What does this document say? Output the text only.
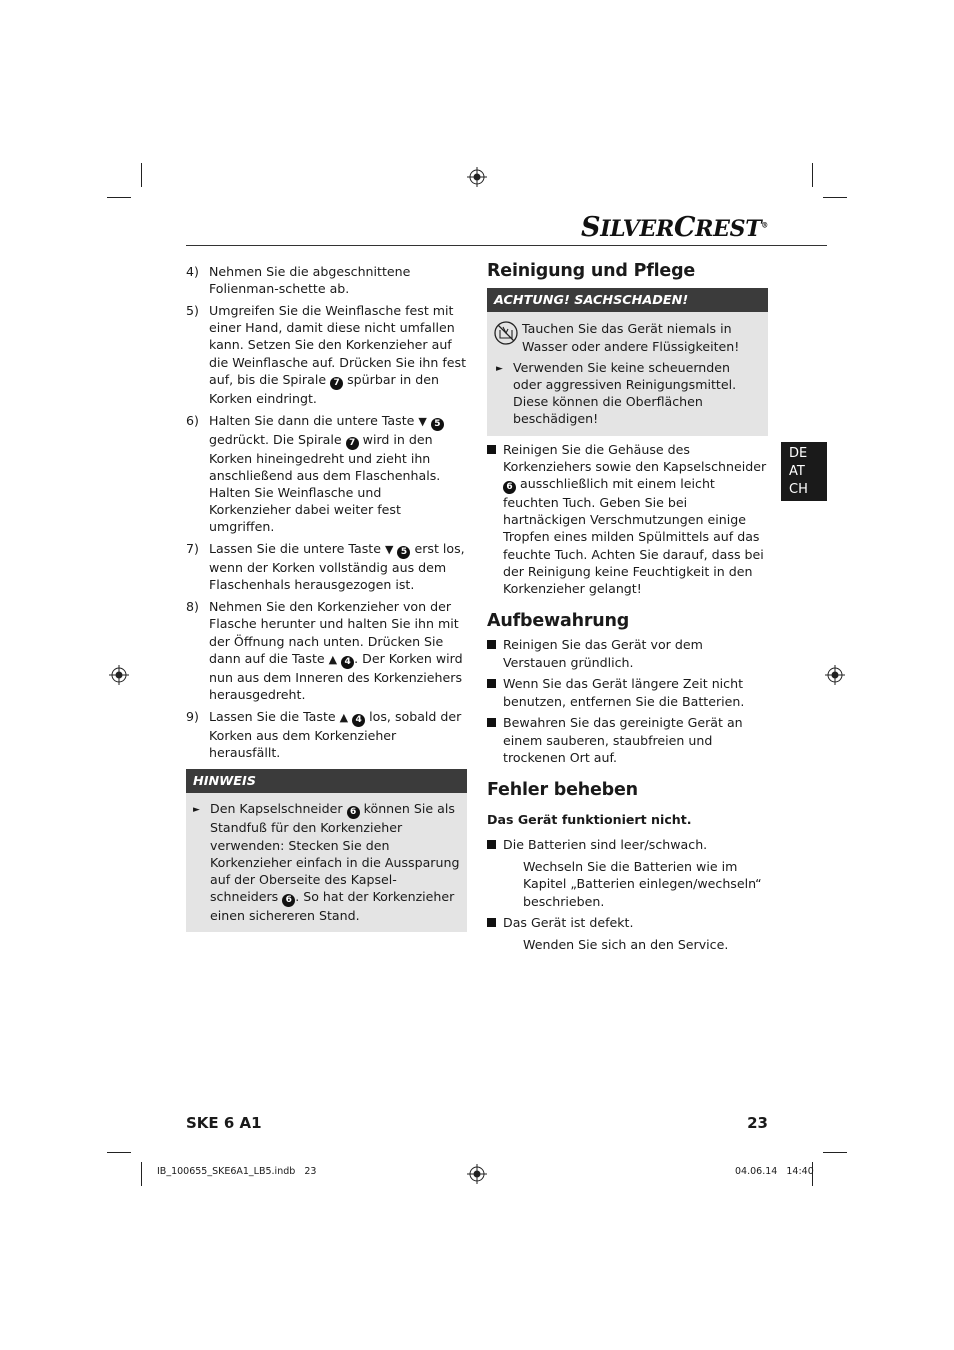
SILVERCREST®
4) Nehmen Sie die abgeschnittene Folienman-schette ab.
5) Umgreifen Sie die Weinflasche fest mit einer Hand, damit diese nicht umfallen kann. Setzen Sie den Korkenzieher auf die Weinflasche auf. Drücken Sie ihn fest auf, bis die Spirale 7 spürbar in den Korken eindringt.
6) Halten Sie dann die untere Taste ▼ 5 gedrückt. Die Spirale 7 wird in den Korken hineingedreht und zieht ihn anschließend aus dem Flaschenhals. Halten Sie Weinflasche und Korkenzieher dabei weiter fest umgriffen.
7) Lassen Sie die untere Taste ▼ 5 erst los, wenn der Korken vollständig aus dem Flaschenhals herausgezogen ist.
8) Nehmen Sie den Korkenzieher von der Flasche herunter und halten Sie ihn mit der Öffnung nach unten. Drücken Sie dann auf die Taste ▲ 4 . Der Korken wird nun aus dem Inneren des Korkenziehers herausgedreht.
9) Lassen Sie die Taste ▲ 4 los, sobald der Korken aus dem Korkenzieher herausfällt.
HINWEIS
► Den Kapselschneider 6 können Sie als Standfuß für den Korkenzieher verwenden: Stecken Sie den Korkenzieher einfach in die Aussparung auf der Oberseite des Kapsel-schneiders 6 . So hat der Korkenzieher einen sichereren Stand.
Reinigung und Pflege
ACHTUNG! SACHSCHADEN!
Tauchen Sie das Gerät niemals in Wasser oder andere Flüssigkeiten!
► Verwenden Sie keine scheuernden oder aggressiven Reinigungsmittel. Diese können die Oberflächen beschädigen!
Reinigen Sie die Gehäuse des Korkenziehers sowie den Kapselschneider 6 ausschließlich mit einem leicht feuchten Tuch. Geben Sie bei hartnäckigen Verschmutzungen einige Tropfen eines milden Spülmittels auf das feuchte Tuch. Achten Sie darauf, dass bei der Reinigung keine Feuchtigkeit in den Korkenzieher gelangt!
Aufbewahrung
Reinigen Sie das Gerät vor dem Verstauen gründlich.
Wenn Sie das Gerät längere Zeit nicht benutzen, entfernen Sie die Batterien.
Bewahren Sie das gereinigte Gerät an einem sauberen, staubfreien und trockenen Ort auf.
Fehler beheben
Das Gerät funktioniert nicht.
Die Batterien sind leer/schwach.
Wechseln Sie die Batterien wie im Kapitel „Batterien einlegen/wechseln“ beschrieben.
Das Gerät ist defekt.
Wenden Sie sich an den Service.
DE
AT
CH
SKE 6 A1	23
IB_100655_SKE6A1_LB5.indb   23	04.06.14   14:40
